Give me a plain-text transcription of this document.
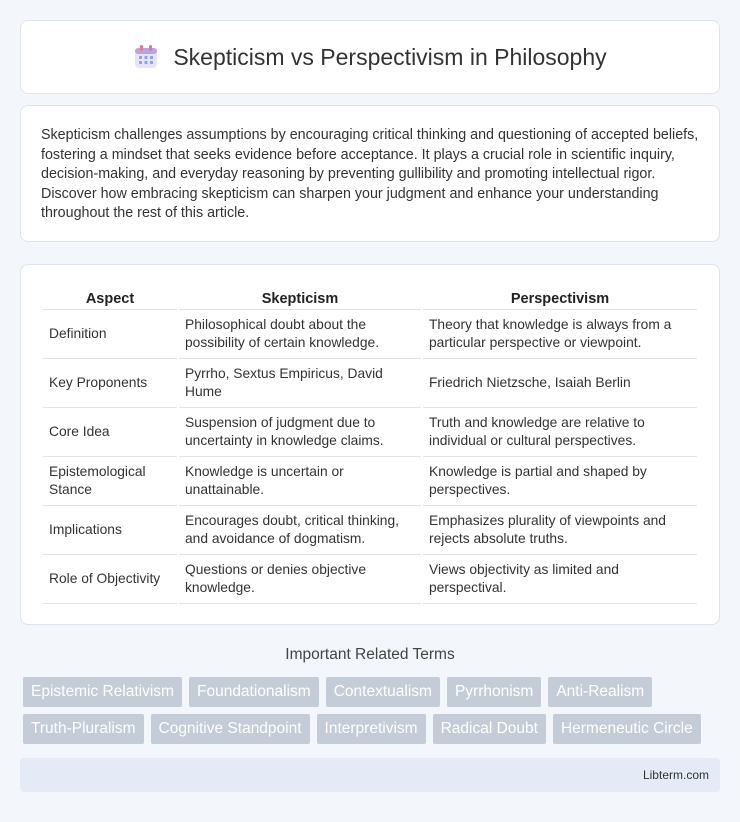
Skepticism vs Perspectivism in Philosophy

Skepticism challenges assumptions by encouraging critical thinking and questioning of accepted beliefs, fostering a mindset that seeks evidence before acceptance. It plays a crucial role in scientific inquiry, decision-making, and everyday reasoning by preventing gullibility and promoting intellectual rigor. Discover how embracing skepticism can sharpen your judgment and enhance your understanding throughout the rest of this article.

Aspect	Skepticism	Perspectivism
Definition	Philosophical doubt about the possibility of certain knowledge.	Theory that knowledge is always from a particular perspective or viewpoint.
Key Proponents	Pyrrho, Sextus Empiricus, David Hume	Friedrich Nietzsche, Isaiah Berlin
Core Idea	Suspension of judgment due to uncertainty in knowledge claims.	Truth and knowledge are relative to individual or cultural perspectives.
Epistemological Stance	Knowledge is uncertain or unattainable.	Knowledge is partial and shaped by perspectives.
Implications	Encourages doubt, critical thinking, and avoidance of dogmatism.	Emphasizes plurality of viewpoints and rejects absolute truths.
Role of Objectivity	Questions or denies objective knowledge.	Views objectivity as limited and perspectival.
Important Related Terms
Epistemic Relativism	Foundationalism	Contextualism	Pyrrhonism	Anti-Realism
Truth-Pluralism	Cognitive Standpoint	Interpretivism	Radical Doubt	Hermeneutic Circle
Libterm.com
